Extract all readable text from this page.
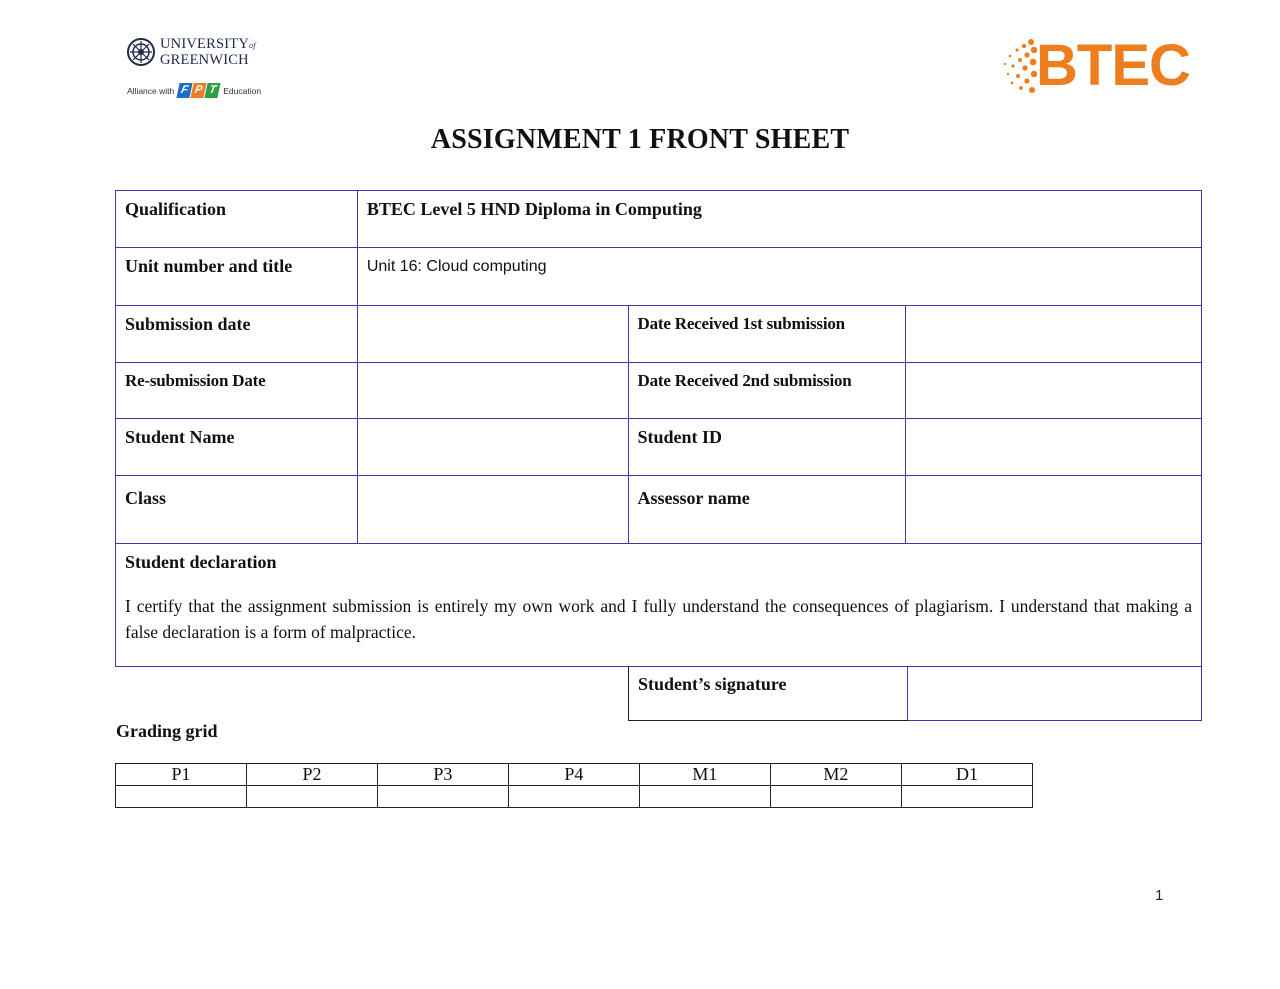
UNIVERSITYof
GREENWICH
Alliance with F P T Education	BTEC
ASSIGNMENT 1 FRONT SHEET
Qualification	BTEC Level 5 HND Diploma in Computing		
Unit number and title	Unit 16: Cloud computing		
Submission date		Date Received 1st submission	
Re-submission Date		Date Received 2nd submission	
Student Name		Student ID	
Class		Assessor name	

Student declaration
I certify that the assignment submission is entirely my own work and I fully understand the consequences of plagiarism. I understand that making a false declaration is a form of malpractice.			
Student’s signature	
Grading grid
P1	P2	P3	P4	M1	M2	D1

1
